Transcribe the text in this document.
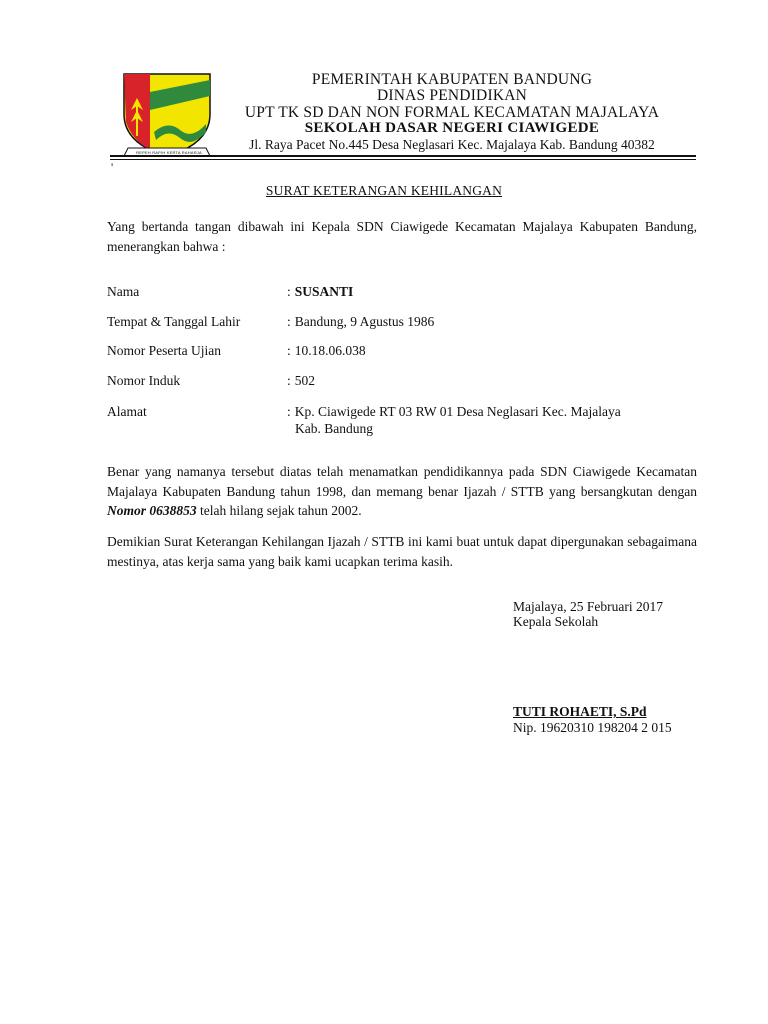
REPEH RAPIH KERTA RAHARJA
PEMERINTAH KABUPATEN BANDUNG
DINAS PENDIDIKAN
UPT TK SD DAN NON FORMAL KECAMATAN MAJALAYA
SEKOLAH DASAR NEGERI CIAWIGEDE
Jl. Raya Pacet No.445 Desa Neglasari Kec. Majalaya Kab. Bandung 40382
'
SURAT KETERANGAN KEHILANGAN
Yang bertanda tangan dibawah ini Kepala SDN Ciawigede Kecamatan Majalaya Kabupaten Bandung, menerangkan bahwa :
Nama	: SUSANTI
Tempat & Tanggal Lahir	: Bandung, 9 Agustus 1986
Nomor Peserta Ujian	: 10.18.06.038
Nomor Induk	: 502
Alamat	: Kp. Ciawigede RT 03 RW 01 Desa Neglasari Kec. Majalaya
Kab. Bandung
Benar yang namanya tersebut diatas telah menamatkan pendidikannya pada SDN Ciawigede Kecamatan Majalaya Kabupaten Bandung tahun 1998, dan memang benar Ijazah / STTB yang bersangkutan dengan Nomor 0638853 telah hilang sejak tahun 2002.
Demikian Surat Keterangan Kehilangan Ijazah / STTB ini kami buat untuk dapat dipergunakan sebagaimana mestinya, atas kerja sama yang baik kami ucapkan terima kasih.
Majalaya, 25 Februari 2017
Kepala Sekolah
TUTI ROHAETI, S.Pd
Nip. 19620310 198204 2 015
